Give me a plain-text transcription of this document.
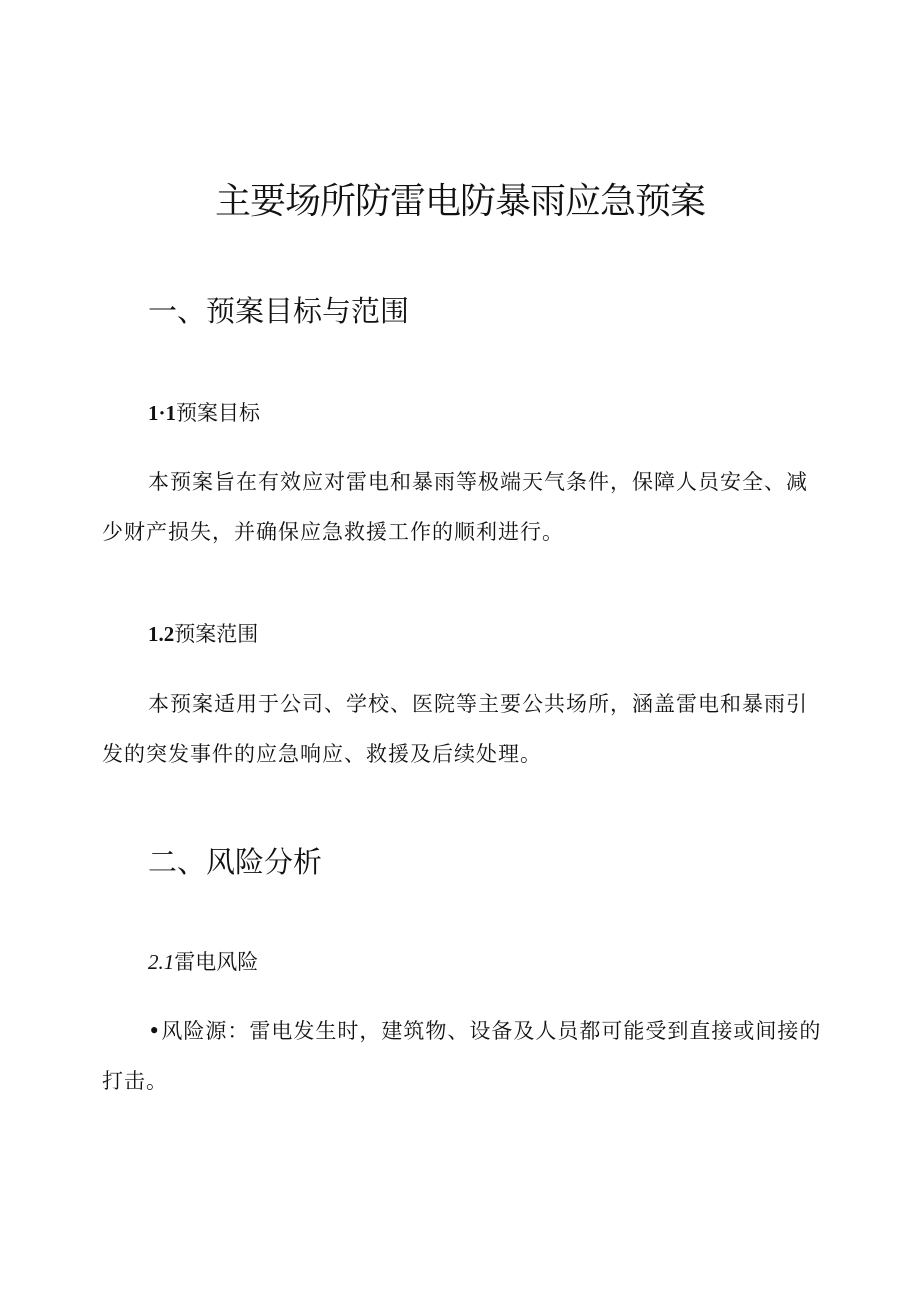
主要场所防雷电防暴雨应急预案
一、预案目标与范围
1·1预案目标

本预案旨在有效应对雷电和暴雨等极端天气条件，保障人员安全、减少财产损失，并确保应急救援工作的顺利进行。

1.2预案范围

本预案适用于公司、学校、医院等主要公共场所，涵盖雷电和暴雨引发的突发事件的应急响应、救援及后续处理。

二、风险分析
2.1雷电风险

•风险源：雷电发生时，建筑物、设备及人员都可能受到直接或间接的打击。
